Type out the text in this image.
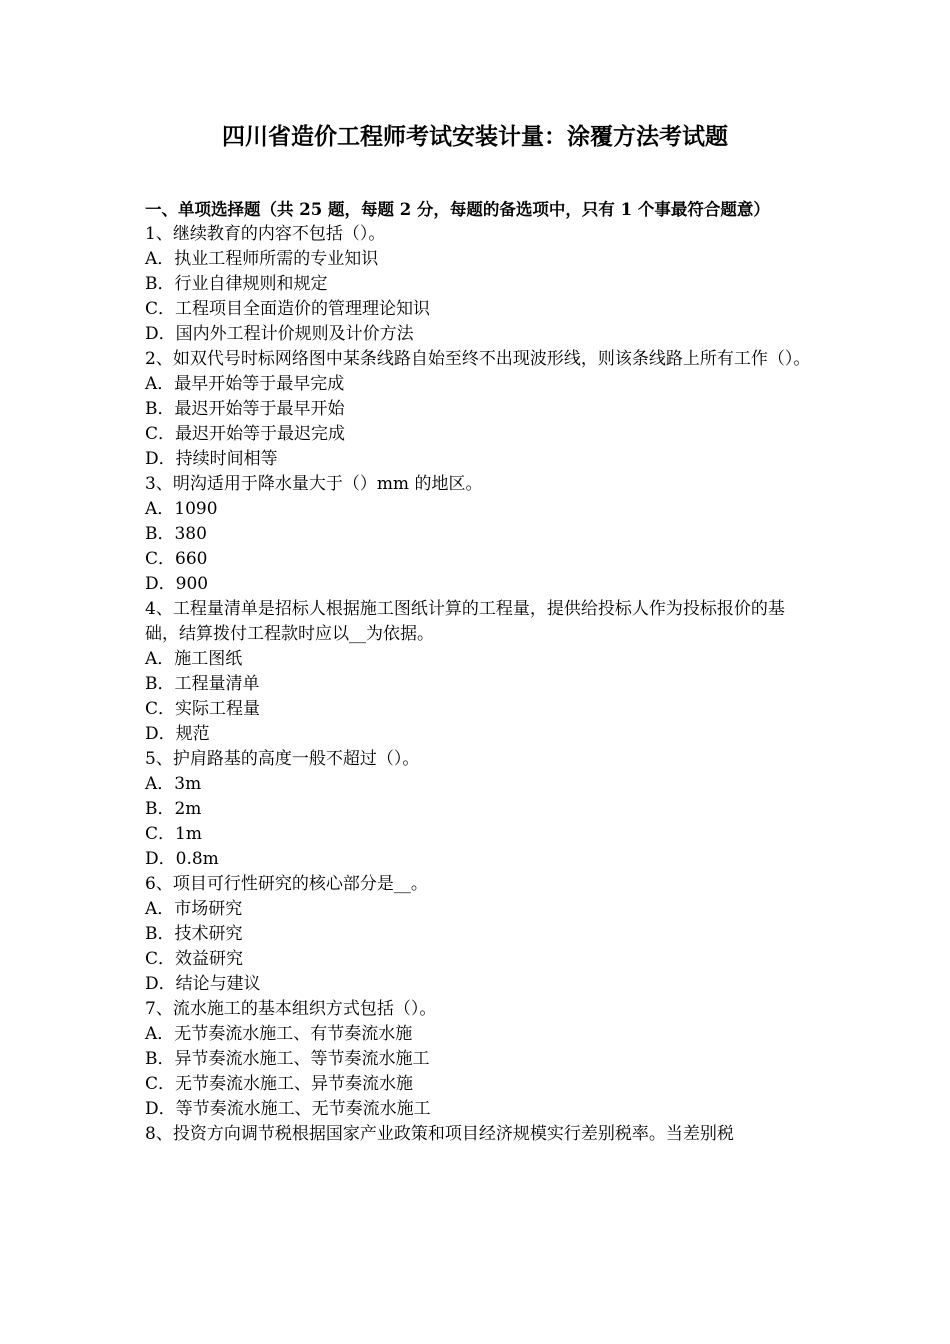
四川省造价工程师考试安装计量：涂覆方法考试题
一、单项选择题（共 25 题，每题 2 分，每题的备选项中，只有 1 个事最符合题意）
1、继续教育的内容不包括（）。
A．执业工程师所需的专业知识
B．行业自律规则和规定
C．工程项目全面造价的管理理论知识
D．国内外工程计价规则及计价方法
2、如双代号时标网络图中某条线路自始至终不出现波形线，则该条线路上所有工作（）。
A．最早开始等于最早完成
B．最迟开始等于最早开始
C．最迟开始等于最迟完成
D．持续时间相等
3、明沟适用于降水量大于（）mm 的地区。
A．1090
B．380
C．660
D．900
4、工程量清单是招标人根据施工图纸计算的工程量，提供给投标人作为投标报价的基础，结算拨付工程款时应以__为依据。
A．施工图纸
B．工程量清单
C．实际工程量
D．规范
5、护肩路基的高度一般不超过（）。
A．3m
B．2m
C．1m
D．0.8m
6、项目可行性研究的核心部分是__。
A．市场研究
B．技术研究
C．效益研究
D．结论与建议
7、流水施工的基本组织方式包括（）。
A．无节奏流水施工、有节奏流水施
B．异节奏流水施工、等节奏流水施工
C．无节奏流水施工、异节奏流水施
D．等节奏流水施工、无节奏流水施工
8、投资方向调节税根据国家产业政策和项目经济规模实行差别税率。当差别税
